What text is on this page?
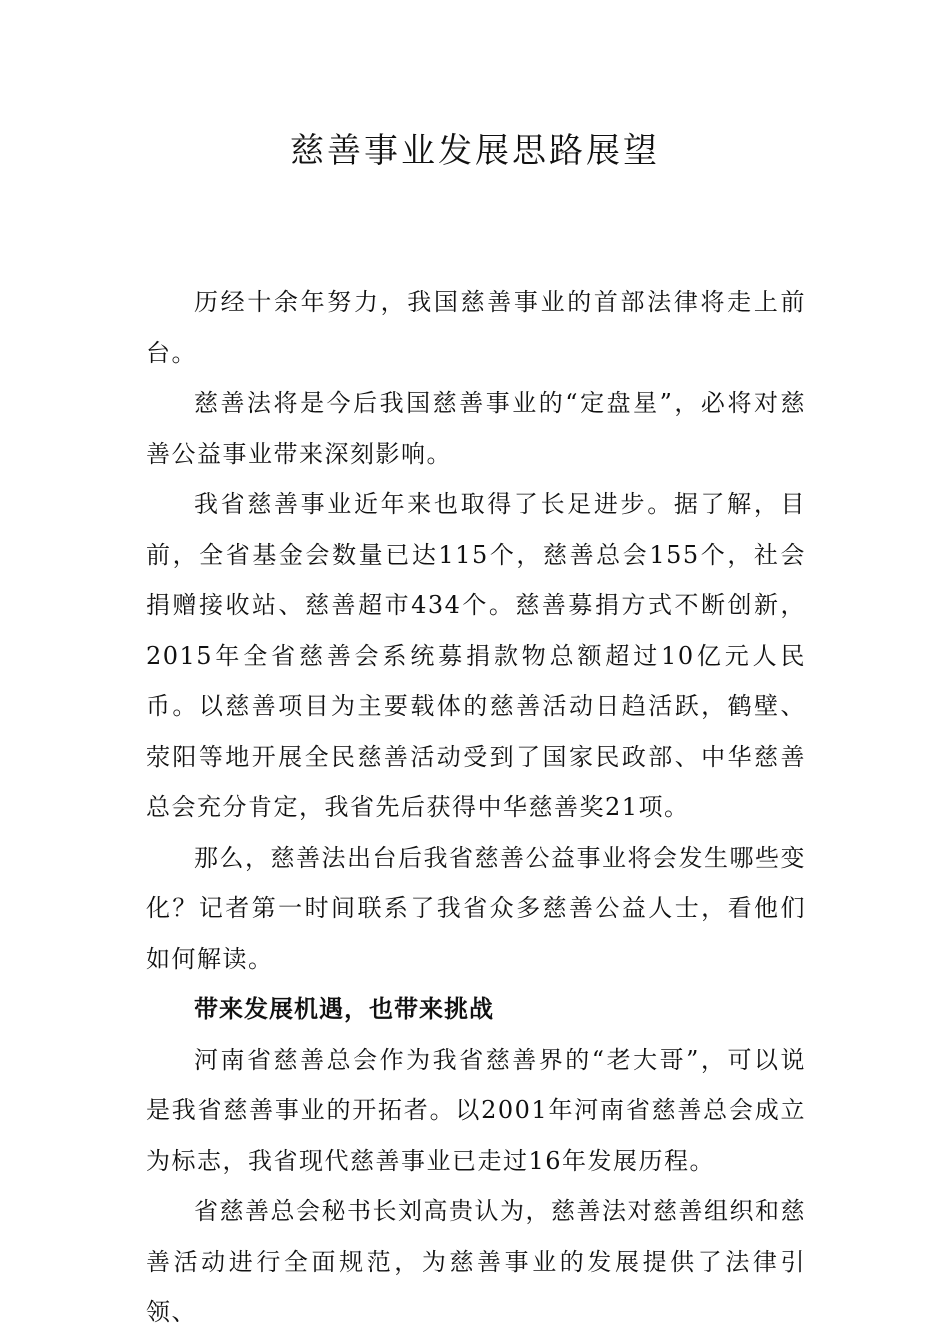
慈善事业发展思路展望

历经十余年努力，我国慈善事业的首部法律将走上前台。

慈善法将是今后我国慈善事业的“定盘星”，必将对慈善公益事业带来深刻影响。

我省慈善事业近年来也取得了长足进步。据了解，目前，全省基金会数量已达115个，慈善总会155个，社会捐赠接收站、慈善超市434个。慈善募捐方式不断创新，2015年全省慈善会系统募捐款物总额超过10亿元人民币。以慈善项目为主要载体的慈善活动日趋活跃，鹤壁、荥阳等地开展全民慈善活动受到了国家民政部、中华慈善总会充分肯定，我省先后获得中华慈善奖21项。

那么，慈善法出台后我省慈善公益事业将会发生哪些变化？记者第一时间联系了我省众多慈善公益人士，看他们如何解读。

带来发展机遇，也带来挑战

河南省慈善总会作为我省慈善界的“老大哥”，可以说是我省慈善事业的开拓者。以2001年河南省慈善总会成立为标志，我省现代慈善事业已走过16年发展历程。

省慈善总会秘书长刘高贵认为，慈善法对慈善组织和慈善活动进行全面规范，为慈善事业的发展提供了法律引领、
